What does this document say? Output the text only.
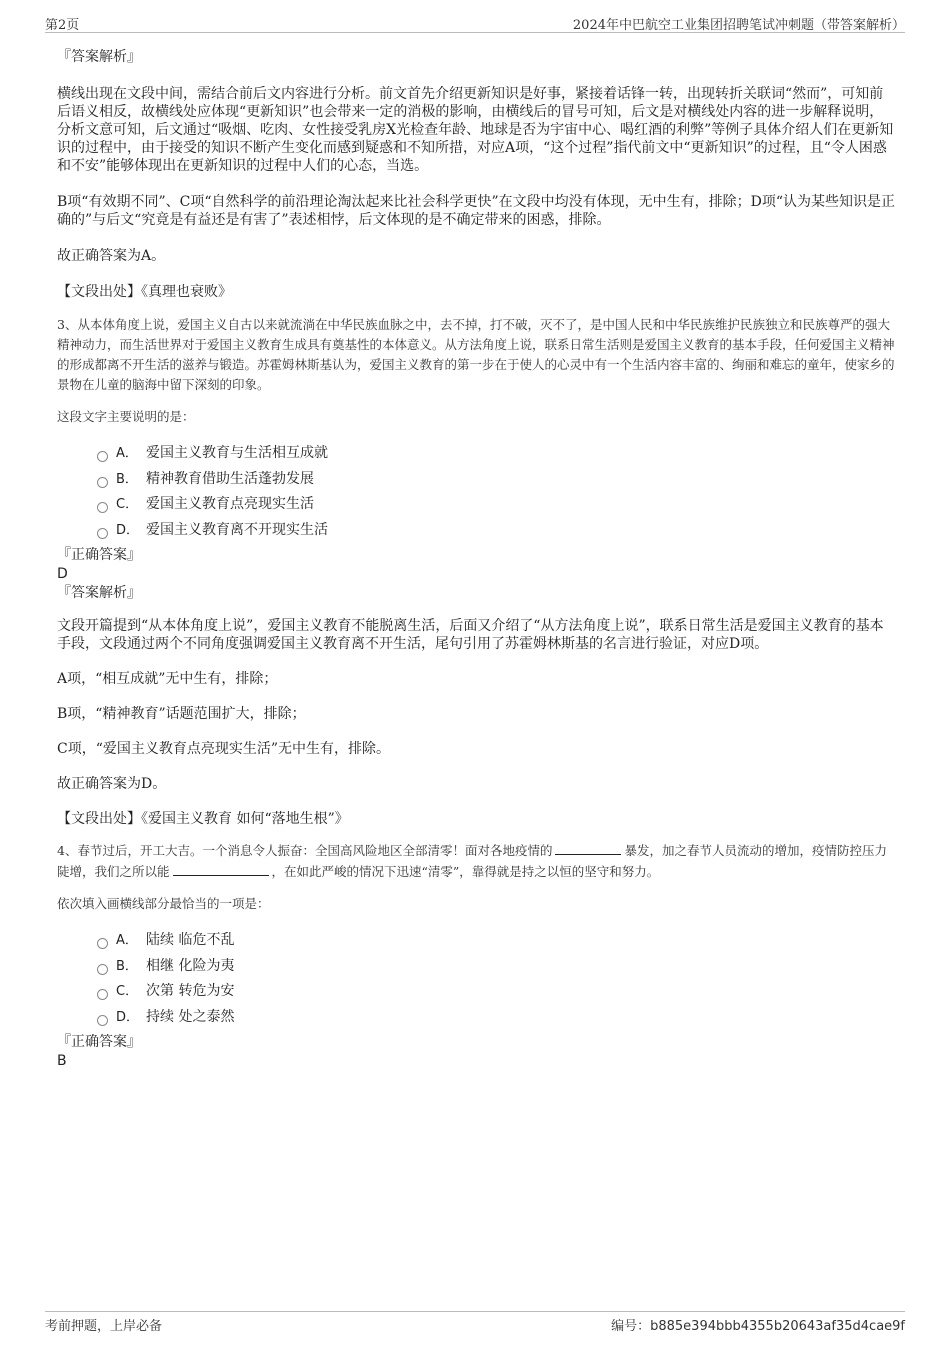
第2页	2024年中巴航空工业集团招聘笔试冲刺题（带答案解析）
『答案解析』

横线出现在文段中间，需结合前后文内容进行分析。前文首先介绍更新知识是好事，紧接着话锋一转，出现转折关联词“然而”，可知前后语义相反，故横线处应体现“更新知识”也会带来一定的消极的影响，由横线后的冒号可知，后文是对横线处内容的进一步解释说明，分析文意可知，后文通过“吸烟、吃肉、女性接受乳房X光检查年龄、地球是否为宇宙中心、喝红酒的利弊”等例子具体介绍人们在更新知识的过程中，由于接受的知识不断产生变化而感到疑惑和不知所措，对应A项，“这个过程”指代前文中“更新知识”的过程，且“令人困惑和不安”能够体现出在更新知识的过程中人们的心态，当选。

B项“有效期不同”、C项“自然科学的前沿理论淘汰起来比社会科学更快”在文段中均没有体现，无中生有，排除；D项“认为某些知识是正确的”与后文“究竟是有益还是有害了”表述相悖，后文体现的是不确定带来的困惑，排除。

故正确答案为A。

【文段出处】《真理也衰败》

3、从本体角度上说，爱国主义自古以来就流淌在中华民族血脉之中，去不掉，打不破，灭不了，是中国人民和中华民族维护民族独立和民族尊严的强大精神动力，而生活世界对于爱国主义教育生成具有奠基性的本体意义。从方法角度上说，联系日常生活则是爱国主义教育的基本手段，任何爱国主义精神的形成都离不开生活的滋养与锻造。苏霍姆林斯基认为，爱国主义教育的第一步在于使人的心灵中有一个生活内容丰富的、绚丽和难忘的童年，使家乡的景物在儿童的脑海中留下深刻的印象。

这段文字主要说明的是：

A． 爱国主义教育与生活相互成就
B． 精神教育借助生活蓬勃发展
C． 爱国主义教育点亮现实生活
D． 爱国主义教育离不开现实生活
『正确答案』
D
『答案解析』

文段开篇提到“从本体角度上说”，爱国主义教育不能脱离生活，后面又介绍了“从方法角度上说”，联系日常生活是爱国主义教育的基本手段，文段通过两个不同角度强调爱国主义教育离不开生活，尾句引用了苏霍姆林斯基的名言进行验证，对应D项。

A项，“相互成就”无中生有，排除；

B项，“精神教育”话题范围扩大，排除；

C项，“爱国主义教育点亮现实生活”无中生有，排除。

故正确答案为D。

【文段出处】《爱国主义教育 如何“落地生根”》

4、春节过后，开工大吉。一个消息令人振奋：全国高风险地区全部清零！面对各地疫情的	暴发，加之春节人员流动的增加，疫情防控压力陡增，我们之所以能	，在如此严峻的情况下迅速“清零”，靠得就是持之以恒的坚守和努力。

依次填入画横线部分最恰当的一项是：

A． 陆续 临危不乱
B． 相继 化险为夷
C． 次第 转危为安
D． 持续 处之泰然
『正确答案』
B
考前押题，上岸必备	编号：b885e394bbb4355b20643af35d4cae9f
